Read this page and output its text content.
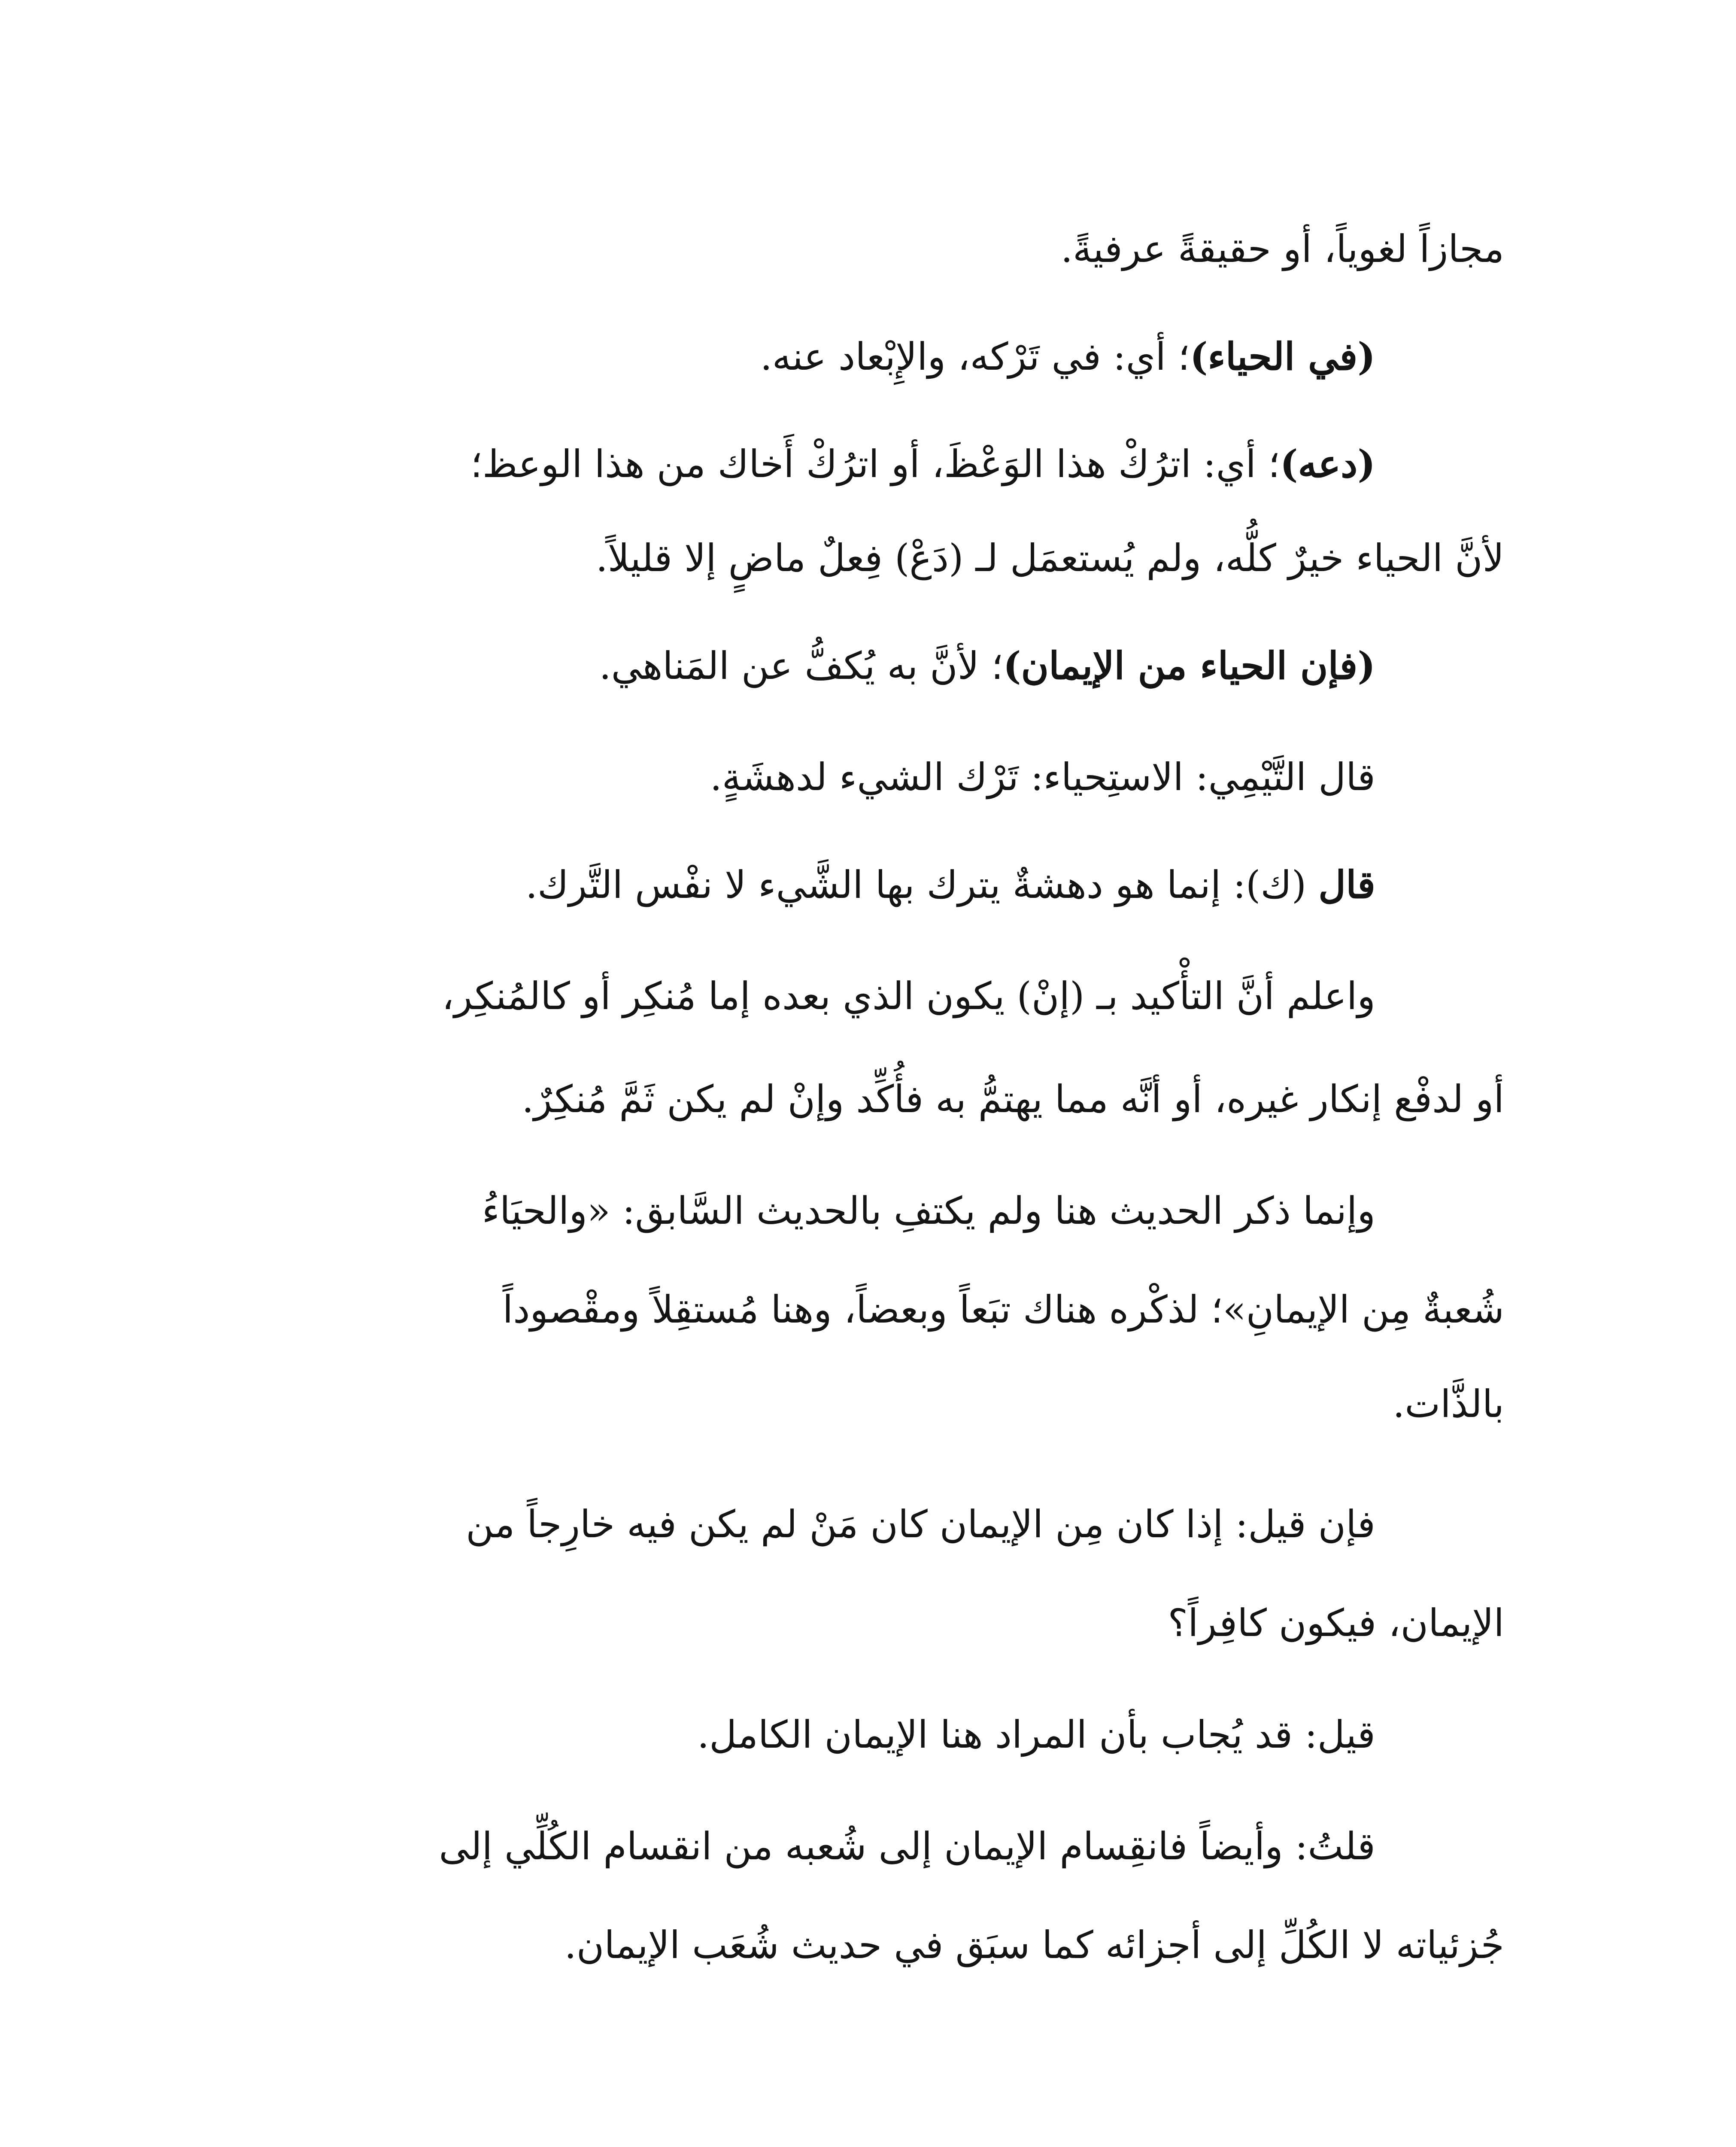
مجازاً لغوياً، أو حقيقةً عرفيةً.
(في الحياء)؛ أي: في تَرْكه، والإِبْعاد عنه.
(دعه)؛ أي: اترُكْ هذا الوَعْظَ، أو اترُكْ أَخاك من هذا الوعظ؛
لأنَّ الحياء خيرٌ كلُّه، ولم يُستعمَل لـ (دَعْ) فِعلٌ ماضٍ إلا قليلاً.
(فإن الحياء من الإيمان)؛ لأنَّ به يُكفُّ عن المَناهي.
قال التَّيْمِي: الاستِحياء: تَرْك الشيء لدهشَةٍ.
قال (ك): إنما هو دهشةٌ يترك بها الشَّيء لا نفْس التَّرك.
واعلم أنَّ التأْكيد بـ (إنْ) يكون الذي بعده إما مُنكِر أو كالمُنكِر،
أو لدفْع إنكار غيره، أو أنَّه مما يهتمُّ به فأُكِّد وإنْ لم يكن ثَمَّ مُنكِرٌ.
وإنما ذكر الحديث هنا ولم يكتفِ بالحديث السَّابق: «والحيَاءُ
شُعبةٌ مِن الإيمانِ»؛ لذكْره هناك تبَعاً وبعضاً، وهنا مُستقِلاً ومقْصوداً
بالذَّات.
فإن قيل: إذا كان مِن الإيمان كان مَنْ لم يكن فيه خارِجاً من
الإيمان، فيكون كافِراً؟
قيل: قد يُجاب بأن المراد هنا الإيمان الكامل.
قلتُ: وأيضاً فانقِسام الإيمان إلى شُعبه من انقسام الكُلِّي إلى
جُزئياته لا الكُلِّ إلى أجزائه كما سبَق في حديث شُعَب الإيمان.
